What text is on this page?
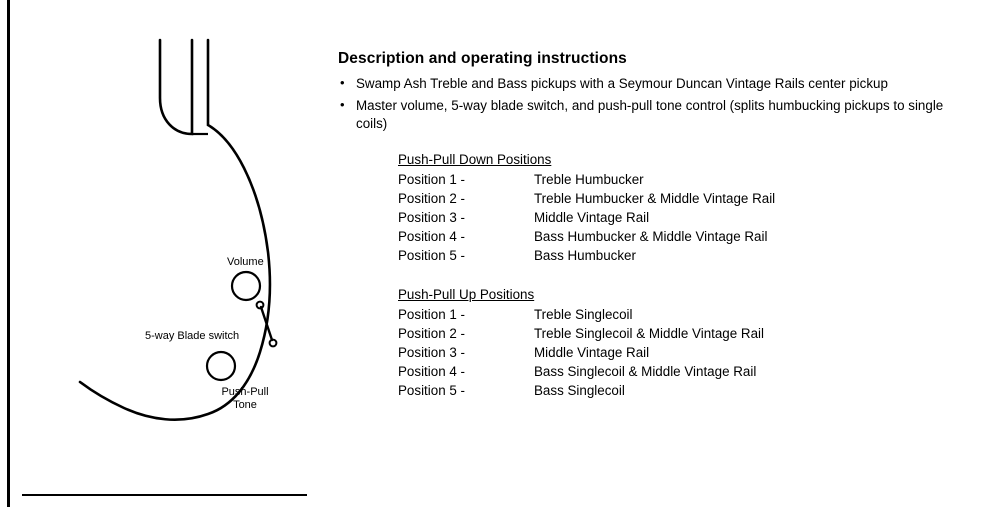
Volume
5-way Blade switch
Push-Pull
Tone
Description and operating instructions
• Swamp Ash Treble and Bass pickups with a Seymour Duncan Vintage Rails center pickup
• Master volume, 5-way blade switch, and push-pull tone control (splits humbucking pickups to single coils)
Push-Pull Down Positions
Position 1 -	Treble Humbucker
Position 2 -	Treble Humbucker & Middle Vintage Rail
Position 3 -	Middle Vintage Rail
Position 4 -	Bass Humbucker & Middle Vintage Rail
Position 5 -	Bass Humbucker
Push-Pull Up Positions
Position 1 -	Treble Singlecoil
Position 2 -	Treble Singlecoil & Middle Vintage Rail
Position 3 -	Middle Vintage Rail
Position 4 -	Bass Singlecoil & Middle Vintage Rail
Position 5 -	Bass Singlecoil
